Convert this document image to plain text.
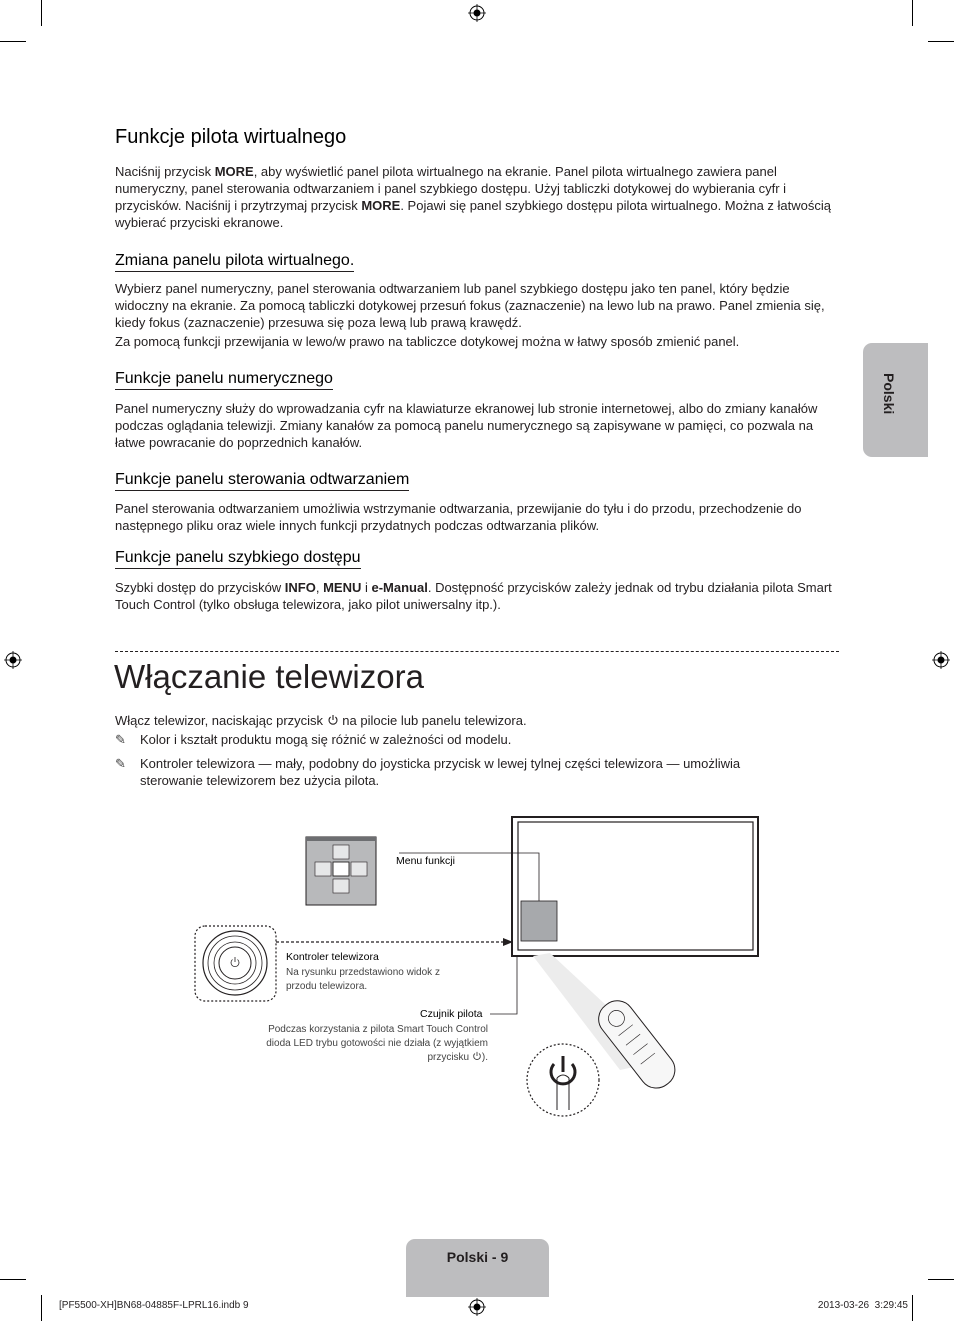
Polski
Funkcje pilota wirtualnego
Naciśnij przycisk MORE, aby wyświetlić panel pilota wirtualnego na ekranie. Panel pilota wirtualnego zawiera panel numeryczny, panel sterowania odtwarzaniem i panel szybkiego dostępu. Użyj tabliczki dotykowej do wybierania cyfr i przycisków. Naciśnij i przytrzymaj przycisk MORE. Pojawi się panel szybkiego dostępu pilota wirtualnego. Można z łatwością wybierać przyciski ekranowe.
Zmiana panelu pilota wirtualnego.
Wybierz panel numeryczny, panel sterowania odtwarzaniem lub panel szybkiego dostępu jako ten panel, który będzie widoczny na ekranie. Za pomocą tabliczki dotykowej przesuń fokus (zaznaczenie) na lewo lub na prawo. Panel zmienia się, kiedy fokus (zaznaczenie) przesuwa się poza lewą lub prawą krawędź.
Za pomocą funkcji przewijania w lewo/w prawo na tabliczce dotykowej można w łatwy sposób zmienić panel.
Funkcje panelu numerycznego
Panel numeryczny służy do wprowadzania cyfr na klawiaturze ekranowej lub stronie internetowej, albo do zmiany kanałów podczas oglądania telewizji. Zmiany kanałów za pomocą panelu numerycznego są zapisywane w pamięci, co pozwala na łatwe powracanie do poprzednich kanałów.
Funkcje panelu sterowania odtwarzaniem
Panel sterowania odtwarzaniem umożliwia wstrzymanie odtwarzania, przewijanie do tyłu i do przodu, przechodzenie do następnego pliku oraz wiele innych funkcji przydatnych podczas odtwarzania plików.
Funkcje panelu szybkiego dostępu
Szybki dostęp do przycisków INFO, MENU i e-Manual. Dostępność przycisków zależy jednak od trybu działania pilota Smart Touch Control (tylko obsługa telewizora, jako pilot uniwersalny itp.).
Włączanie telewizora
Włącz telewizor, naciskając przycisk  na pilocie lub panelu telewizora.
✎	Kolor i kształt produktu mogą się różnić w zależności od modelu.
✎	Kontroler telewizora — mały, podobny do joysticka przycisk w lewej tylnej części telewizora — umożliwia sterowanie telewizorem bez użycia pilota.
Menu funkcji
Kontroler telewizora
Na rysunku przedstawiono widok z przodu telewizora.
Czujnik pilota
Podczas korzystania z pilota Smart Touch Control dioda LED trybu gotowości nie działa (z wyjątkiem przycisku ).
Polski - 9
[PF5500-XH]BN68-04885F-LPRL16.indb 9	2013-03-26 ︎ 3:29:45
